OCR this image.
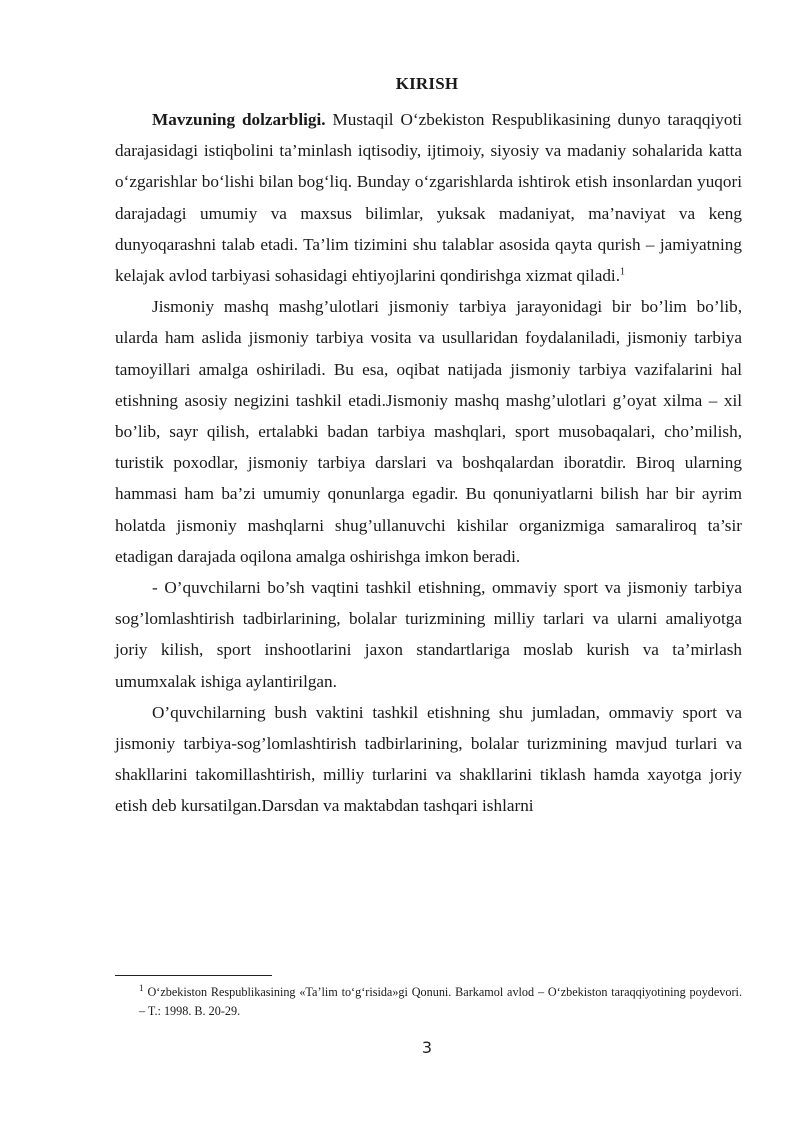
KIRISH

Mavzuning dolzarbligi. Mustaqil O‘zbekiston Respublikasining dunyo taraqqiyoti darajasidagi istiqbolini ta’minlash iqtisodiy, ijtimoiy, siyosiy va madaniy sohalarida katta o‘zgarishlar bo‘lishi bilan bog‘liq. Bunday o‘zgarishlarda ishtirok etish insonlardan yuqori darajadagi umumiy va maxsus bilimlar, yuksak madaniyat, ma’naviyat va keng dunyoqarashni talab etadi. Ta’lim tizimini shu talablar asosida qayta qurish – jamiyatning kelajak avlod tarbiyasi sohasidagi ehtiyojlarini qondirishga xizmat qiladi.$^1$

Jismoniy mashq mashg’ulotlari jismoniy tarbiya jarayonidagi bir bo’lim bo’lib, ularda ham aslida jismoniy tarbiya vosita va usullaridan foydalaniladi, jismoniy tarbiya tamoyillari amalga oshiriladi. Bu esa, oqibat natijada jismoniy tarbiya vazifalarini hal etishning asosiy negizini tashkil etadi.Jismoniy mashq mashg’ulotlari g’oyat xilma – xil bo’lib, sayr qilish, ertalabki badan tarbiya mashqlari, sport musobaqalari, cho’milish, turistik poxodlar, jismoniy tarbiya darslari va boshqalardan iboratdir. Biroq ularning hammasi ham ba’zi umumiy qonunlarga egadir. Bu qonuniyatlarni bilish har bir ayrim holatda jismoniy mashqlarni shug’ullanuvchi kishilar organizmiga samaraliroq ta’sir etadigan darajada oqilona amalga oshirishga imkon beradi.

- O’quvchilarni bo’sh vaqtini tashkil etishning, ommaviy sport va jismoniy tarbiya sog’lomlashtirish tadbirlarining, bolalar turizmining milliy tarlari va ularni amaliyotga joriy kilish, sport inshootlarini jaxon standartlariga moslab kurish va ta’mirlash umumxalak ishiga aylantirilgan.

O’quvchilarning bush vaktini tashkil etishning shu jumladan, ommaviy sport va jismoniy tarbiya-sog’lomlashtirish tadbirlarining, bolalar turizmining mavjud turlari va shakllarini takomillashtirish, milliy turlarini va shakllarini tiklash hamda xayotga joriy etish deb kursatilgan.Darsdan va maktabdan tashqari ishlarni

$^1$ O‘zbekiston Respublikasining «Ta’lim to‘g‘risida»gi Qonuni. Barkamol avlod – O‘zbekiston taraqqiyotining poydevori. – T.: 1998. B. 20-29.
3
